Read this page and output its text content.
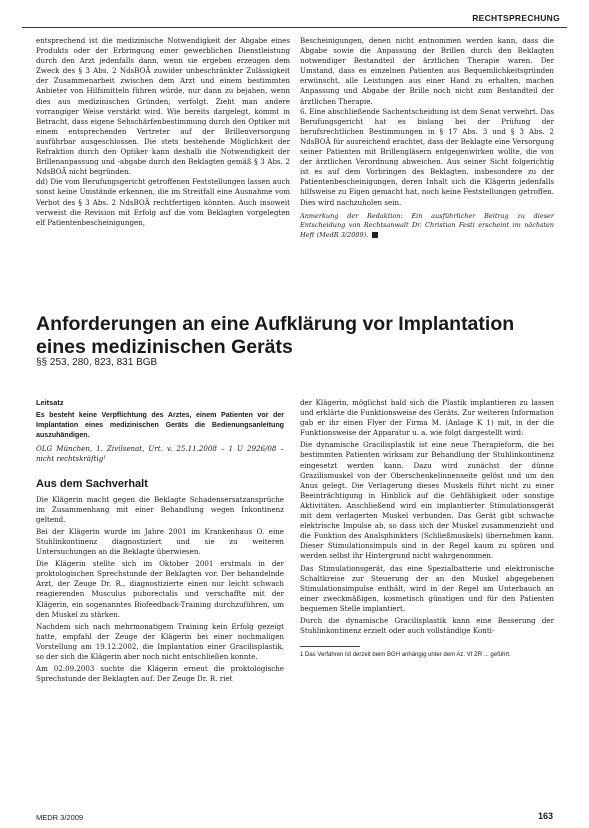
RECHTSPRECHUNG

entsprechend ist die medizinische Notwendigkeit der Abgabe eines Produkts oder der Erbringung einer gewerblichen Dienstleistung durch den Arzt jedenfalls dann, wenn sie ergeben erzeugen dem Zweck des § 3 Abs. 2 NdsBOÄ zuwider unbeschränkter Zulässigkeit der Zusammenarbeit zwischen dem Arzt und einem bestimmten Anbieter von Hilfsmitteln führen würde, nur dann zu bejahen, wenn dies aus medizinischen Gründen, verfolgt. Zieht man andere vorrangiger Weise verstärkt wird. Wie bereits dargelegt, kommt in Betracht, dass eigene Sehschärfenbestimmung durch den Optiker mit einem entsprechenden Vertreter auf der Brillenversorgung ausführbar ausgeschlossen. Die stets bestehende Möglichkeit der Refraktion durch den Optiker kann deshalb die Notwendigkeit der Brillenanpassung und -abgabe durch den Beklagten gemäß § 3 Abs. 2 NdsBOÄ nicht begründen.

dd) Die vom Berufungsgericht getroffenen Feststellungen lassen auch sonst keine Umstände erkennen, die im Streitfall eine Ausnahme vom Verbot des § 3 Abs. 2 NdsBOÄ rechtfertigen könnten. Auch insoweit verweist die Revision mit Erfolg auf die vom Beklagten vorgelegten elf Patientenbescheinigungen,

Bescheinigungen, denen nicht entnommen werden kann, dass die Abgabe sowie die Anpassung der Brillen durch den Beklagten notwendiger Bestandteil der ärztlichen Therapie waren. Der Umstand, dass es einzelnen Patienten aus Bequemlichkeitsgründen erwünscht, alle Leistungen aus einer Hand zu erhalten, machen Anpassung und Abgabe der Brille noch nicht zum Bestandteil der ärztlichen Therapie.

6. Eine abschließende Sachentscheidung ist dem Senat verwehrt. Das Berufungsgericht hat es bislang bei der Prüfung der berufsrechtlichen Bestimmungen in § 17 Abs. 3 und § 3 Abs. 2 NdsBOÄ für ausreichend erachtet, dass der Beklagte eine Versorgung seiner Patienten mit Brillengläsern entgegenwirken wollte, die von der ärztlichen Verordnung abweichen. Aus seiner Sicht folgerichtig ist es auf dem Vorbringen des Beklagten, insbesondere zu der Patientenbescheinigungen, deren Inhalt sich die Klägerin jedenfalls hilfsweise zu Eigen gemacht hat, noch keine Feststellungen getroffen. Dies wird nachzuholen sein.

Anmerkung der Redaktion: Ein ausführlicher Beitrag zu dieser Entscheidung von Rechtsanwalt Dr. Christian Festi erscheint im nächsten Heft (MedR 3/2009).

Anforderungen an eine Aufklärung vor Implantation eines medizinischen Geräts
§§ 253, 280, 823, 831 BGB

Leitsatz

Es besteht keine Verpflichtung des Arztes, einem Patienten vor der Implantation eines medizinischen Geräts die Bedienungsanleitung auszuhändigen.

OLG München, 1. Zivilsenat, Urt. v. 25.11.2008 – 1 U 2926/08 – nicht rechtskräftig¹

Aus dem Sachverhalt

Die Klägerin macht gegen die Beklagte Schadensersatzansprüche im Zusammenhang mit einer Behandlung wegen Inkontinenz geltend.

Bei der Klägerin wurde im Jahre 2001 im Krankenhaus O. eine Stuhlinkontinenz diagnostiziert und sie zu weiteren Untersuchungen an die Beklagte überwiesen.

Die Klägerin stellte sich im Oktober 2001 erstmals in der proktologischen Sprechstunde der Beklagten vor. Der behandelnde Arzt, der Zeuge Dr. R., diagnostizierte einen nur leicht schwach reagierenden Musculus puborectalis und verschaffte mit der Klägerin, ein sogenanntes Biofeedback-Training durchzuführen, um den Muskel zu stärken.

Nachdem sich nach mehrmonatigem Training kein Erfolg gezeigt hatte, empfahl der Zeuge der Klägerin bei einer nochmaligen Vorstellung am 19.12.2002, die Implantation einer Gracilisplastik, so der sich die Klägerin aber noch nicht entschließen konnte.

Am 02.09.2003 suchte die Klägerin erneut die proktologische Sprechstunde der Beklagten auf. Der Zeuge Dr. R. riet

der Klägerin, möglichst bald sich die Plastik implantieren zu lassen und erklärte die Funktionsweise des Geräts. Zur weiteren Information gab er ihr einen Flyer der Firma M. (Anlage K 1) mit, in der die Funktionsweise der Apparatur u. a. wie folgt dargestellt wird:

Die dynamische Gracilisplastik ist eine neue Therapieform, die bei bestimmten Patienten wirksam zur Behandlung der Stuhlinkontinenz eingesetzt werden kann. Dazu wird zunächst der dünne Grazilismuskel von der Oberschenkelinnenseite gelöst und um den Anus gelegt. Die Verlagerung dieses Muskels führt nicht zu einer Beeinträchtigung in Hinblick auf die Gehfähigkeit oder sonstige Aktivitäten. Anschließend wird ein implantierter Stimulationsgerät mit dem verlagerten Muskel verbunden. Das Gerät gibt schwache elektrische Impulse ab, so dass sich der Muskel zusammenzieht und die Funktion des Analsphinkters (Schließmuskels) übernehmen kann. Dieser Stimulationsimpuls sind in der Regel kaum zu spüren und werden selbst ihr Hintergrund nicht wahrgenommen.

Das Stimulationsgerät, das eine Spezialbatterie und elektronische Schaltkreise zur Steuerung der an den Muskel abgegebenen Stimulationsimpulse enthält, wird in der Regel am Unterbauch an einer zweckmäßigen, kosmetisch günstigen und für den Patienten bequemen Stelle implantiert.

Durch die dynamische Gracilisplastik kann eine Besserung der Stuhlinkontinenz erzielt oder auch vollständige Konti-

1 Das Verfahren ist derzeit beim BGH anhängig unter dem Az. VI ZR ... geführt.

MEDR 3/2009	163
